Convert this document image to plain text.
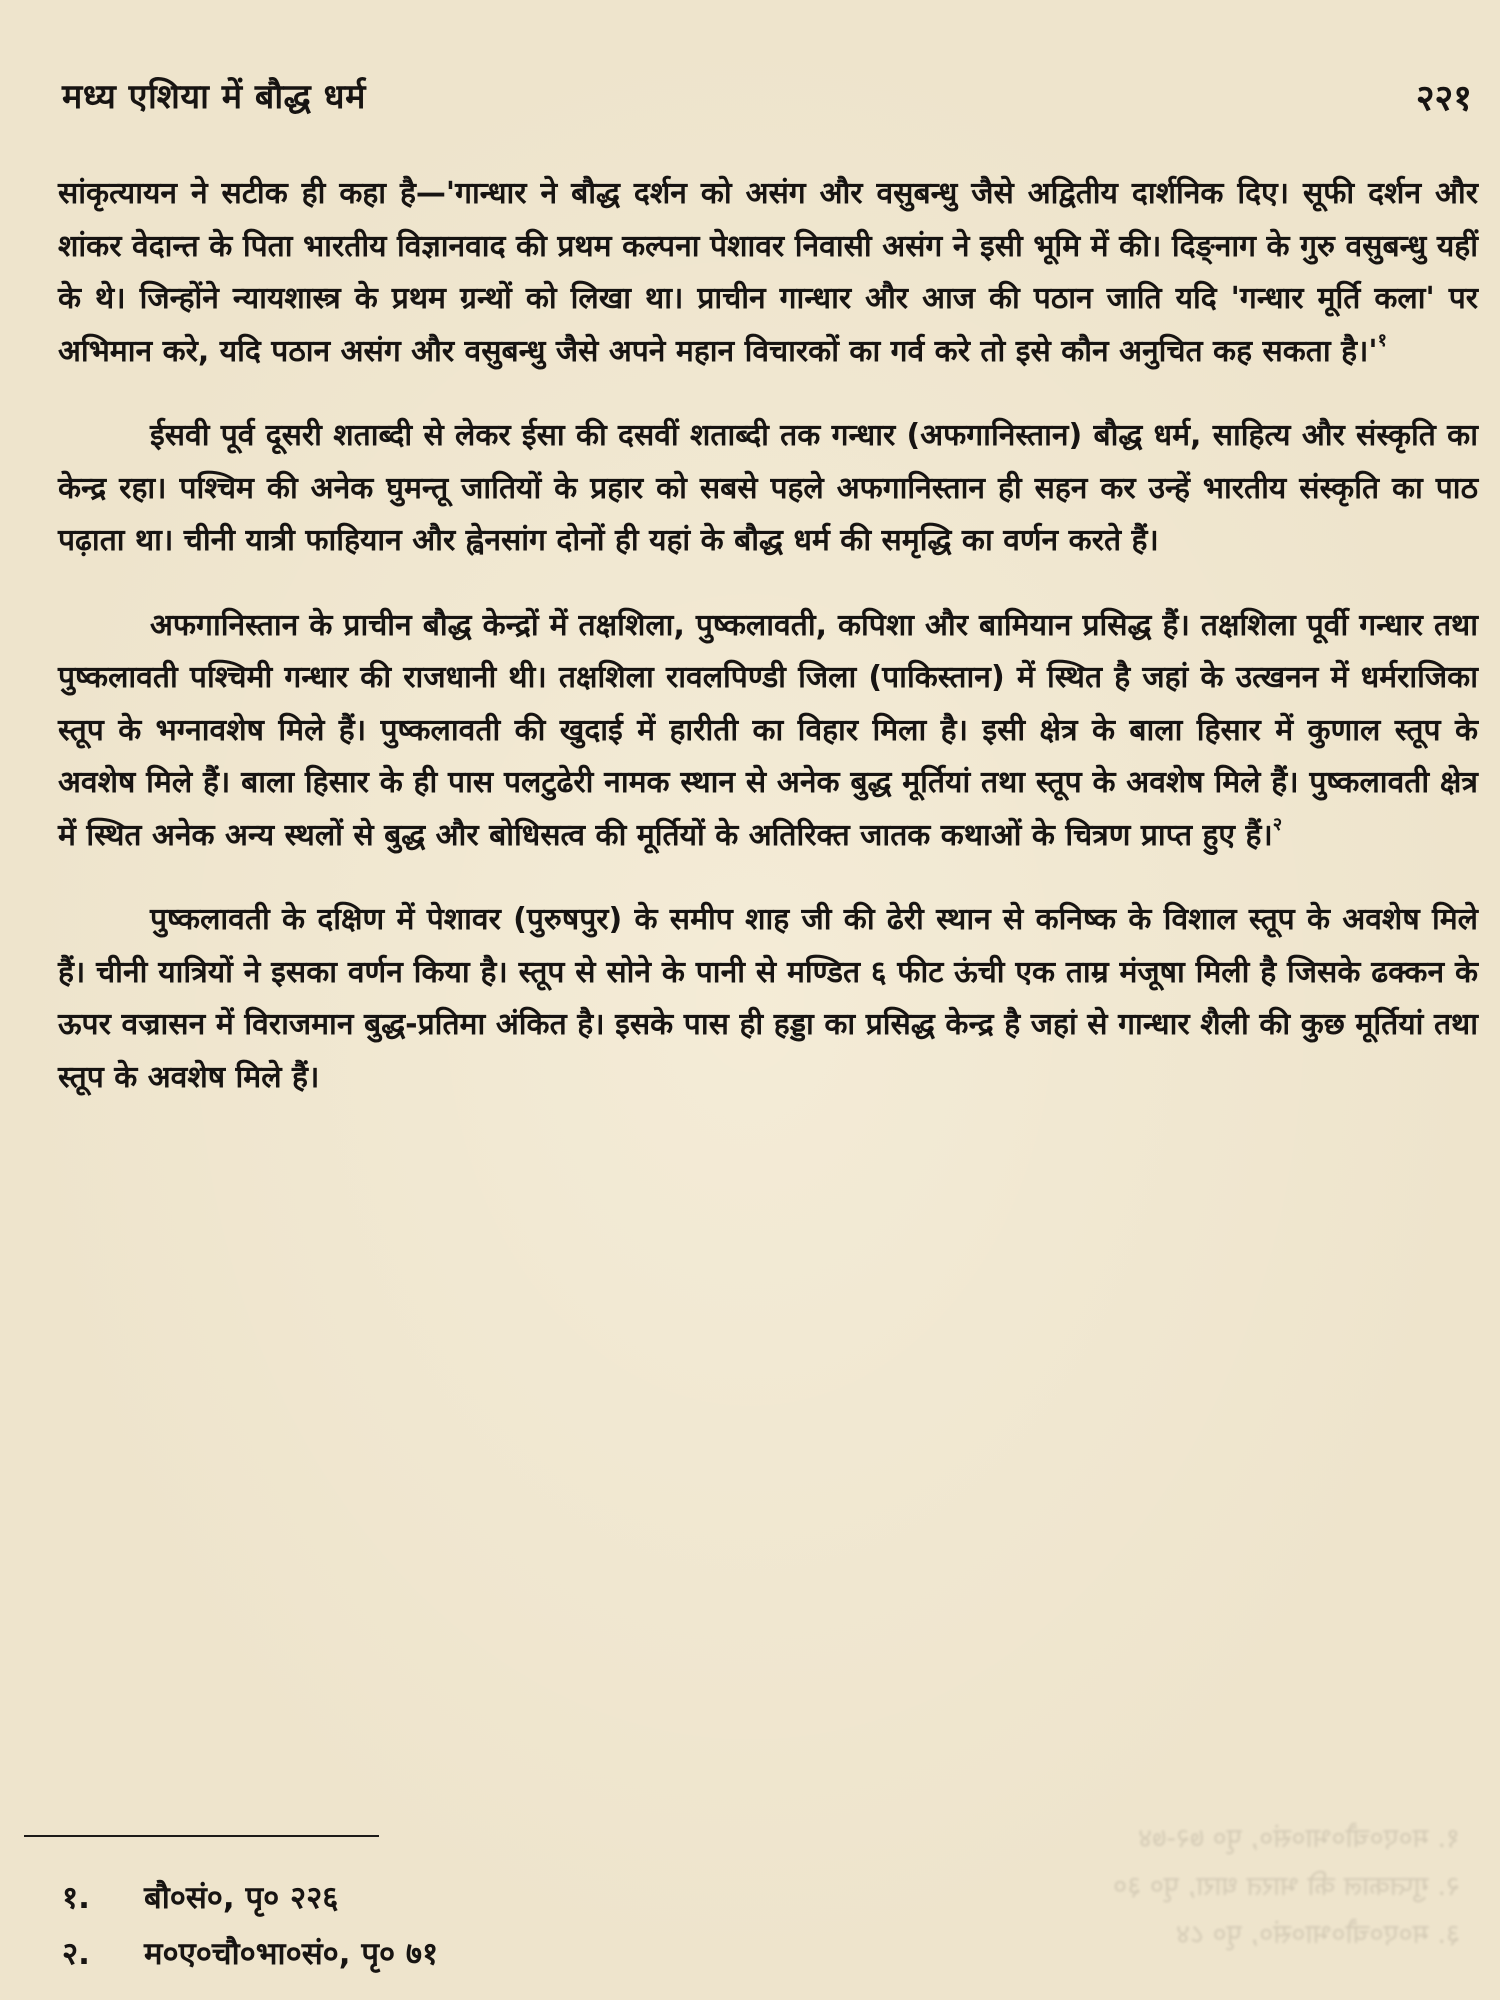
मध्य एशिया में बौद्ध धर्म	२२१

सांकृत्यायन ने सटीक ही कहा है—'गान्धार ने बौद्ध दर्शन को असंग और वसुबन्धु जैसे अद्वितीय दार्शनिक दिए। सूफी दर्शन और शांकर वेदान्त के पिता भारतीय विज्ञानवाद की प्रथम कल्पना पेशावर निवासी असंग ने इसी भूमि में की। दिङ्नाग के गुरु वसुबन्धु यहीं के थे। जिन्होंने न्यायशास्त्र के प्रथम ग्रन्थों को लिखा था। प्राचीन गान्धार और आज की पठान जाति यदि 'गन्धार मूर्ति कला' पर अभिमान करे, यदि पठान असंग और वसुबन्धु जैसे अपने महान विचारकों का गर्व करे तो इसे कौन अनुचित कह सकता $है।'^१$

ईसवी पूर्व दूसरी शताब्दी से लेकर ईसा की दसवीं शताब्दी तक गन्धार (अफगानिस्तान) बौद्ध धर्म, साहित्य और संस्कृति का केन्द्र रहा। पश्चिम की अनेक घुमन्तू जातियों के प्रहार को सबसे पहले अफगानिस्तान ही सहन कर उन्हें भारतीय संस्कृति का पाठ पढ़ाता था। चीनी यात्री फाहियान और ह्वेनसांग दोनों ही यहां के बौद्ध धर्म की समृद्धि का वर्णन करते हैं।

अफगानिस्तान के प्राचीन बौद्ध केन्द्रों में तक्षशिला, पुष्कलावती, कपिशा और बामियान प्रसिद्ध हैं। तक्षशिला पूर्वी गन्धार तथा पुष्कलावती पश्चिमी गन्धार की राजधानी थी। तक्षशिला रावलपिण्डी जिला (पाकिस्तान) में स्थित है जहां के उत्खनन में धर्मराजिका स्तूप के भग्नावशेष मिले हैं। पुष्कलावती की खुदाई में हारीती का विहार मिला है। इसी क्षेत्र के बाला हिसार में कुणाल स्तूप के अवशेष मिले हैं। बाला हिसार के ही पास पलटुढेरी नामक स्थान से अनेक बुद्ध मूर्तियां तथा स्तूप के अवशेष मिले हैं। पुष्कलावती क्षेत्र में स्थित अनेक अन्य स्थलों से बुद्ध और बोधिसत्व की मूर्तियों के अतिरिक्त जातक कथाओं के चित्रण प्राप्त हुए हैं।$^२$

पुष्कलावती के दक्षिण में पेशावर (पुरुषपुर) के समीप शाह जी की ढेरी स्थान से कनिष्क के विशाल स्तूप के अवशेष मिले हैं। चीनी यात्रियों ने इसका वर्णन किया है। स्तूप से सोने के पानी से मण्डित ६ फीट ऊंची एक ताम्र मंजूषा मिली है जिसके ढक्कन के ऊपर वज्रासन में विराजमान बुद्ध-प्रतिमा अंकित है। इसके पास ही हड्डा का प्रसिद्ध केन्द्र है जहां से गान्धार शैली की कुछ मूर्तियां तथा स्तूप के अवशेष मिले हैं।

१. बौ०सं०, पृ० २२६

२. म०ए०चौ०भा०सं०, पृ० ७१

१. म०ए०चौ०भा०सं०, पृ० ७२-७४
२. गुप्तकाल की भारत धारा, पृ० ३०
३. म०ए०चौ०भा०सं०, पृ० ८४
